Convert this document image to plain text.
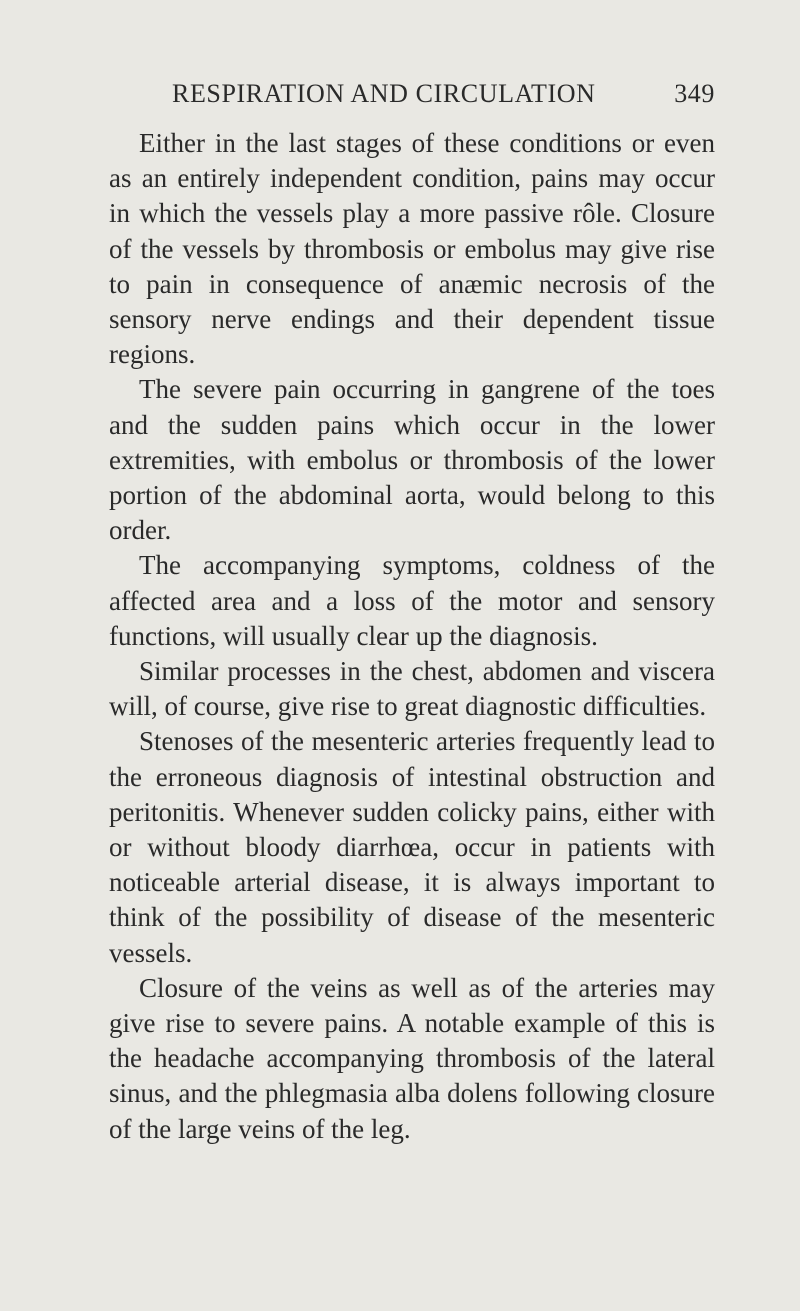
RESPIRATION AND CIRCULATION	349

Either in the last stages of these conditions or even as an entirely independent condition, pains may occur in which the vessels play a more passive rôle. Closure of the vessels by thrombosis or embolus may give rise to pain in consequence of anæmic necrosis of the sensory nerve endings and their dependent tissue regions.

The severe pain occurring in gangrene of the toes and the sudden pains which occur in the lower extremities, with embolus or thrombosis of the lower portion of the abdominal aorta, would belong to this order.

The accompanying symptoms, coldness of the affected area and a loss of the motor and sensory functions, will usually clear up the diagnosis.

Similar processes in the chest, abdomen and viscera will, of course, give rise to great diagnostic difficulties.

Stenoses of the mesenteric arteries frequently lead to the erroneous diagnosis of intestinal obstruction and peritonitis. Whenever sudden colicky pains, either with or without bloody diarrhœa, occur in patients with noticeable arterial disease, it is always important to think of the possibility of disease of the mesenteric vessels.

Closure of the veins as well as of the arteries may give rise to severe pains. A notable example of this is the headache accompanying thrombosis of the lateral sinus, and the phlegmasia alba dolens following closure of the large veins of the leg.
